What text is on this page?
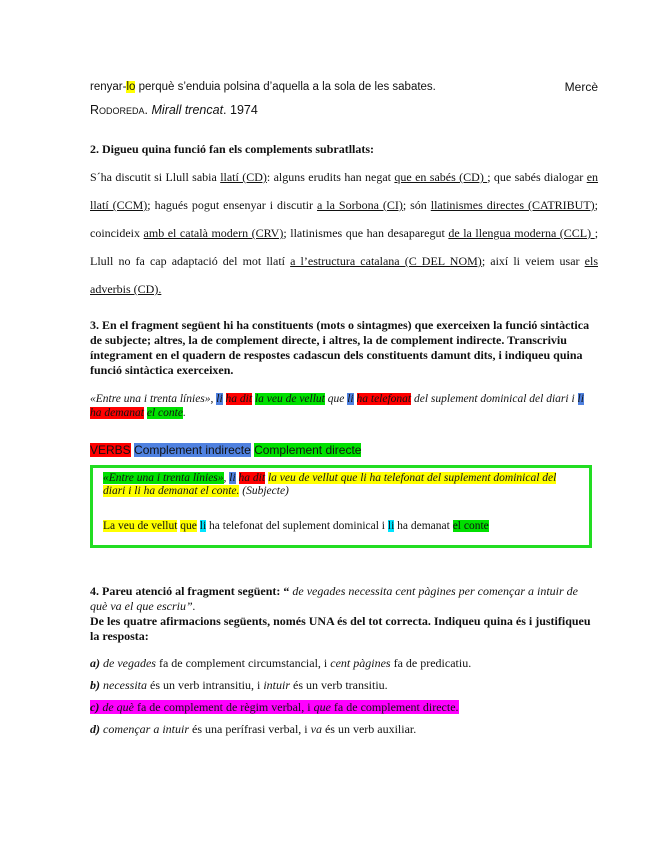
renyar-lo perquè s’enduia polsina d’aquella a la sola de les sabates.	Mercè
Rodoreda. Mirall trencat. 1974
2. Digueu quina funció fan els complements subratllats:
S´ha discutit si Llull sabia llatí (CD): alguns erudits han negat que en sabés (CD) ; que sabés dialogar en llatí (CCM); hagués pogut ensenyar i discutir a la Sorbona (CI); són llatinismes directes (CATRIBUT); coincideix amb el català modern (CRV); llatinismes que han desaparegut de la llengua moderna (CCL) ; Llull no fa cap adaptació del mot llatí a l’estructura catalana (C DEL NOM); així li veiem usar els adverbis (CD).
3. En el fragment següent hi ha constituents (mots o sintagmes) que exerceixen la funció sintàctica de subjecte; altres, la de complement directe, i altres, la de complement indirecte. Transcriviu íntegrament en el quadern de respostes cadascun dels constituents damunt dits, i indiqueu quina funció sintàctica exerceixen.
«Entre una i trenta línies», li ha dit la veu de vellut que li ha telefonat del suplement dominical del diari i li ha demanat el conte.
VERBS Complement indirecte Complement directe
«Entre una i trenta línies», li ha dit la veu de vellut que li ha telefonat del suplement dominical del diari i li ha demanat el conte. (Subjecte)
La veu de vellut que li ha telefonat del suplement dominical i li ha demanat el conte
4. Pareu atenció al fragment següent: “ de vegades necessita cent pàgines per començar a intuir de què va el que escriu”.
De les quatre afirmacions següents, només UNA és del tot correcta. Indiqueu quina és i justifiqueu la resposta:
a) de vegades fa de complement circumstancial, i cent pàgines fa de predicatiu.
b) necessita és un verb intransitiu, i intuir és un verb transitiu.
c) de què fa de complement de règim verbal, i que fa de complement directe.
d) començar a intuir és una perífrasi verbal, i va és un verb auxiliar.
